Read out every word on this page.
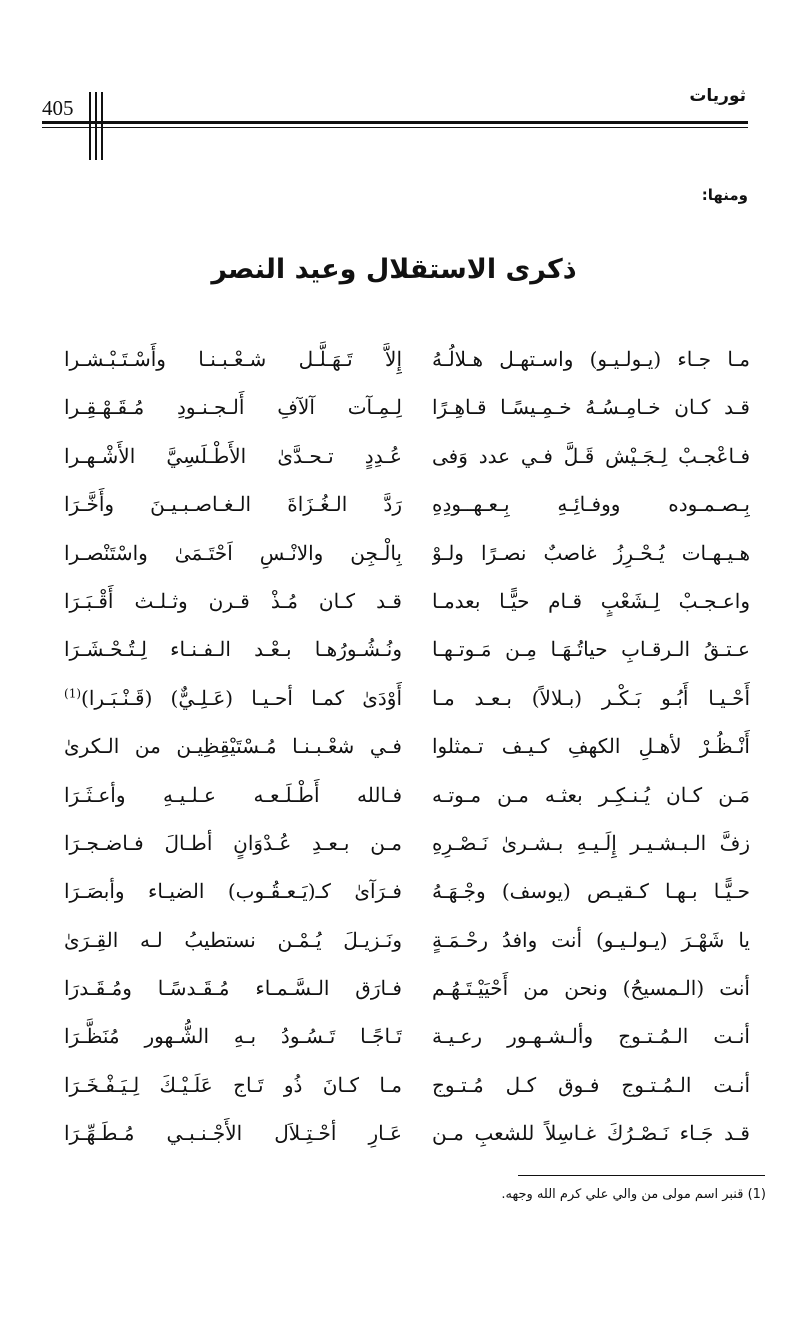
ثوريات
405
ومنها:
ذكرى الاستقلال وعيد النصر
مـا جـاء (يـولـيـو) واسـتهـل هـلالُـهُ
قـد كـان خـامِـسُـهُ خـمِـيسًـا قـاهِـرًا
فـاعْجـبْ لِـجَـيْش قَـلَّ فـي عدد وَفى
بِـصـمـوده ووفـائِـهِ بِـعـهــودِهِ
هـيـهـات يُـحْـرِزُ غاصبٌ نصـرًا ولـوْ
واعـجـبْ لِـشَعْبٍ قـام حيًّـا بعدمـا
عـتـقُ الـرقـابِ حياتُـهَـا مِـن مَـوتـهـا
أَحْـيـا أَبُـو بَـكْـر (بـلالاً) بـعـد مـا
أَنْـظُـرْ لأهـلِ الكهفِ كـيـف تـمثلوا
مَـن كـان يُـنـكِـر بعثـه مـن مـوتـه
زفَّ الـبـشـيـر إِلَـيـهِ بـشـرىٰ نَـصْـرِهِ
حـيًّـا بـهـا كـقيـص (يوسف) وجْـهَـهُ
يا شَهْـرَ (يـولـيـو) أنت وافدُ رحْـمَـةٍ
أنت (الـمسيحُ) ونحن من أَحْيَيْـتَـهُـم
أنـت الـمُـتـوج وألـشـهـور رعـيـة
أنـت الـمُـتـوج فـوق كـل مُـتـوج
قـد جَـاء نَـصْـرُكَ غـاسِلاً للشعبِ مـن
إِلاَّ تَـهَـلَّـل شـعْـبـنـا وأَسْـتَـبْـشـرا
لِـمِـآت آلآفِ أَلـجـنـودِ مُـقَـهْـقِـرا
عُـدِدٍ تـحـدَّىٰ الأَطْـلَسِيَّ الأَشْـهـرا
رَدَّ الـغُـزَاةَ الـغـاصـبـيـنَ وأَخَّـرَا
بِالْـجِن والانْـسِ اَحْتَـمَىٰ واسْتَنْصـرا
قـد كـان مُـذْ قـرن وثـلـث أَقْـبَـرَا
ونُـشُـورُهـا بـعْـد الـفـنـاء لِـتُـحْـشَـرَا
أَوْدَىٰ كمـا أحـيـا (عَـلِـيٌّ) (قَـنْـبَـرا)$^{(1)}$
فـي شعْـبـنـا مُـسْتَيْقِظِيـن من الـكرىٰ
فـالله أَطْـلَـعـه عـلـيـهِ وأعـثَـرَا
مـن بـعـدِ عُـدْوَانٍ أطـالَ فـاضـجـرَا
فـرَآىٰ كـ(يَـعـقُـوب) الضيـاء وأبصَـرَا
ونَـزيـلَ يُـمْـن نستطيبُ لـه القِـرَىٰ
فـارَق الـسَّـمـاء مُـقَـدسًـا ومُـقَـدرَا
تَـاجًـا تَـسُـودُ بـهِ الشُّـهور مُنَظَّـرَا
مـا كـانَ ذُو تَـاج عَلَـيْـكَ لِـيَـفْـخَـرَا
عَـارِ أحْـتِـلاَل الأَجْـنـبـي مُـطَـهِّـرَا
(1) قنبر اسم مولى من والي علي كرم الله وجهه.
